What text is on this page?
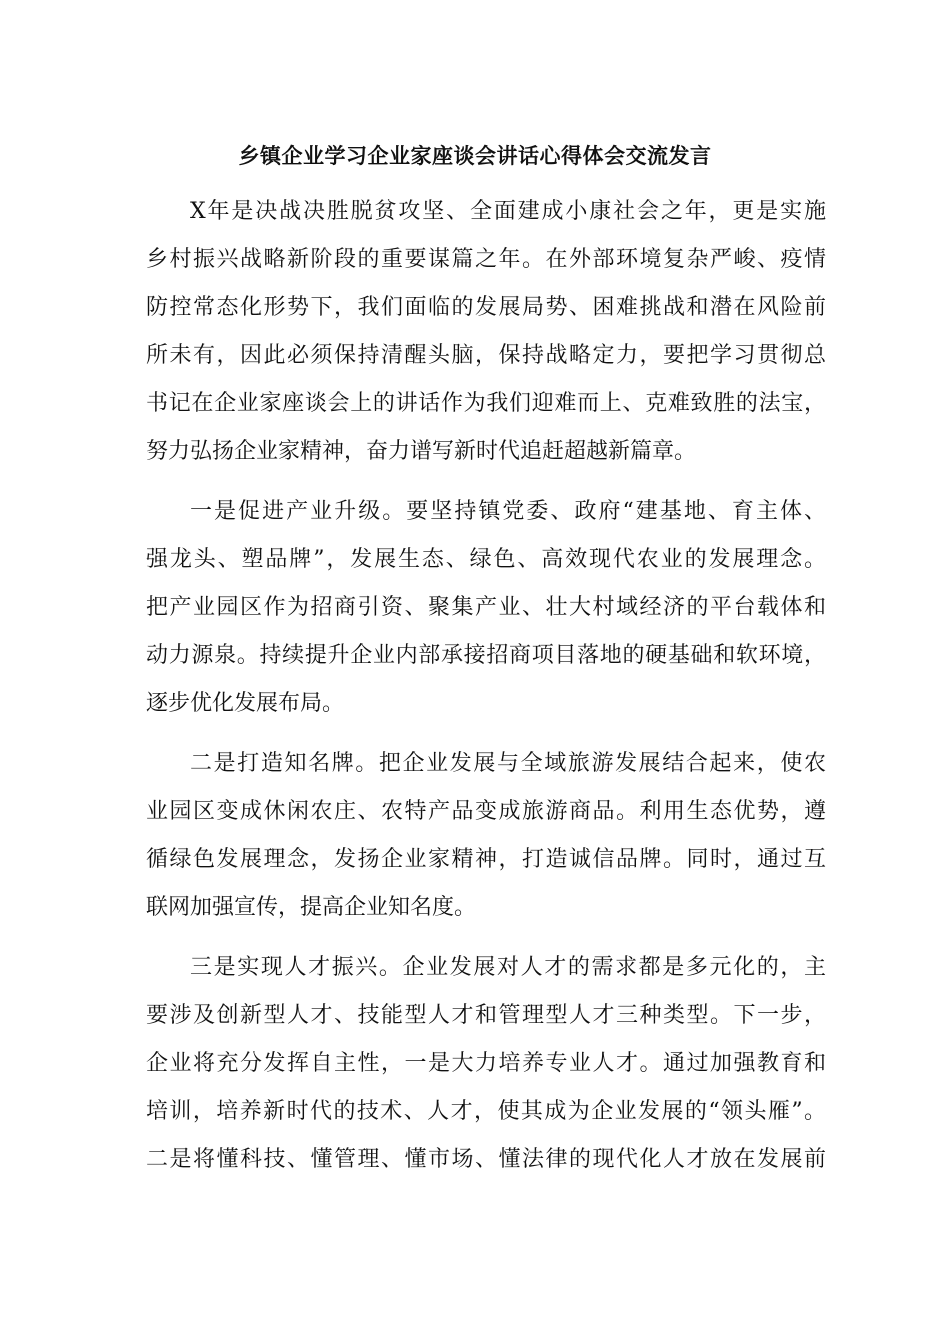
乡镇企业学习企业家座谈会讲话心得体会交流发言
X年是决战决胜脱贫攻坚、全面建成小康社会之年，更是实施
乡村振兴战略新阶段的重要谋篇之年。在外部环境复杂严峻、疫情
防控常态化形势下，我们面临的发展局势、困难挑战和潜在风险前
所未有，因此必须保持清醒头脑，保持战略定力，要把学习贯彻总
书记在企业家座谈会上的讲话作为我们迎难而上、克难致胜的法宝，
努力弘扬企业家精神，奋力谱写新时代追赶超越新篇章。
一是促进产业升级。要坚持镇党委、政府“建基地、育主体、
强龙头、塑品牌”，发展生态、绿色、高效现代农业的发展理念。
把产业园区作为招商引资、聚集产业、壮大村域经济的平台载体和
动力源泉。持续提升企业内部承接招商项目落地的硬基础和软环境，
逐步优化发展布局。
二是打造知名牌。把企业发展与全域旅游发展结合起来，使农
业园区变成休闲农庄、农特产品变成旅游商品。利用生态优势，遵
循绿色发展理念，发扬企业家精神，打造诚信品牌。同时，通过互
联网加强宣传，提高企业知名度。
三是实现人才振兴。企业发展对人才的需求都是多元化的，主
要涉及创新型人才、技能型人才和管理型人才三种类型。下一步，
企业将充分发挥自主性，一是大力培养专业人才。通过加强教育和
培训，培养新时代的技术、人才，使其成为企业发展的“领头雁”。
二是将懂科技、懂管理、懂市场、懂法律的现代化人才放在发展前
